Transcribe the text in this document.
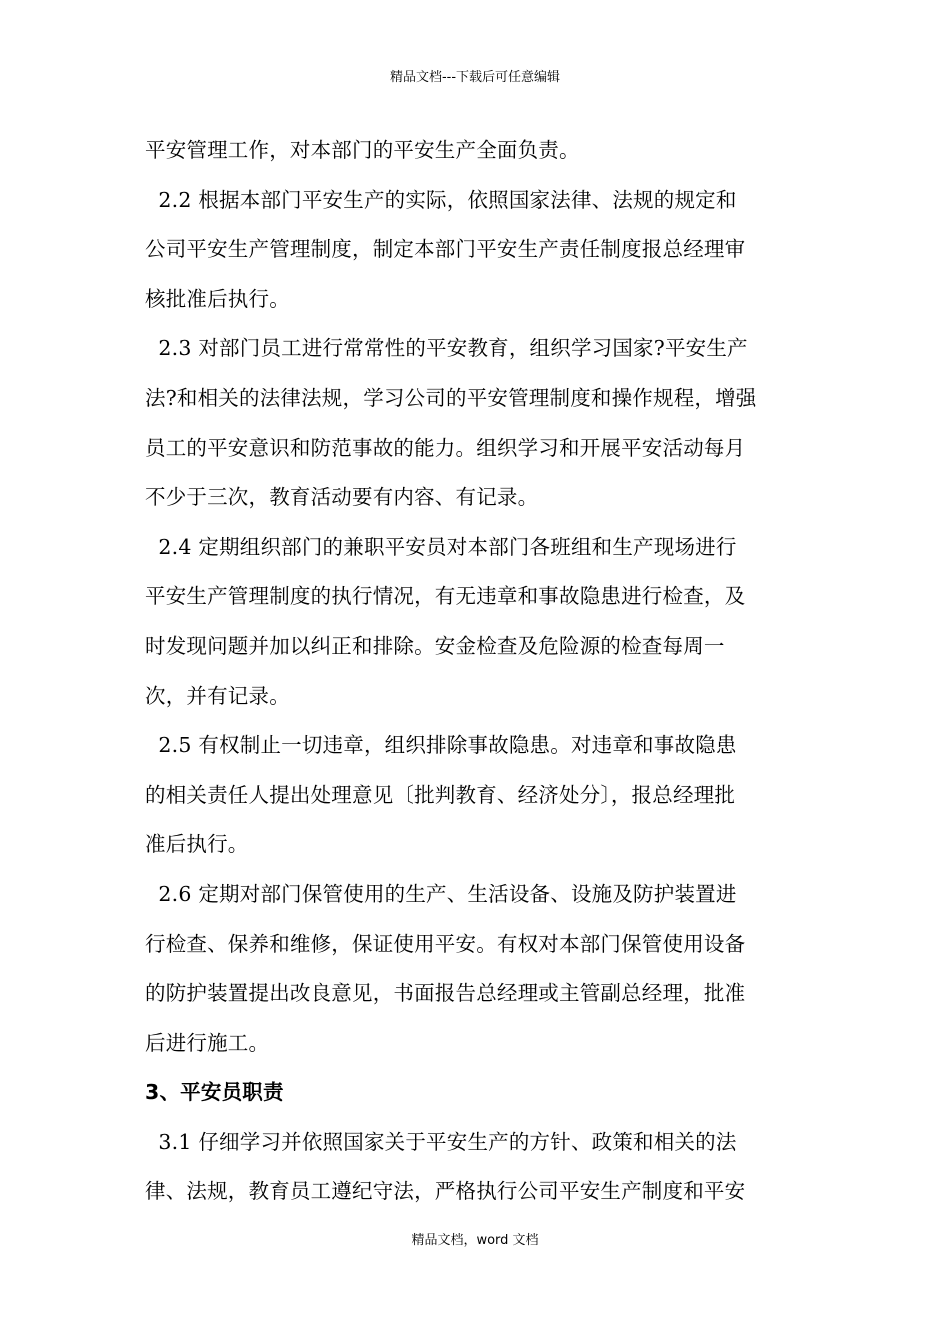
精品文档---下载后可任意编辑
平安管理工作，对本部门的平安生产全面负责。
2.2 根据本部门平安生产的实际，依照国家法律、法规的规定和
公司平安生产管理制度，制定本部门平安生产责任制度报总经理审
核批准后执行。
2.3 对部门员工进行常常性的平安教育，组织学习国家?平安生产
法?和相关的法律法规，学习公司的平安管理制度和操作规程，增强
员工的平安意识和防范事故的能力。组织学习和开展平安活动每月
不少于三次，教育活动要有内容、有记录。
2.4 定期组织部门的兼职平安员对本部门各班组和生产现场进行
平安生产管理制度的执行情况，有无违章和事故隐患进行检查，及
时发现问题并加以纠正和排除。安金检查及危险源的检查每周一
次，并有记录。
2.5 有权制止一切违章，组织排除事故隐患。对违章和事故隐患
的相关责任人提出处理意见〔批判教育、经济处分〕，报总经理批
准后执行。
2.6 定期对部门保管使用的生产、生活设备、设施及防护装置进
行检查、保养和维修，保证使用平安。有权对本部门保管使用设备
的防护装置提出改良意见，书面报告总经理或主管副总经理，批准
后进行施工。
3、平安员职责
3.1 仔细学习并依照国家关于平安生产的方针、政策和相关的法
律、法规，教育员工遵纪守法，严格执行公司平安生产制度和平安
精品文档，word 文档
